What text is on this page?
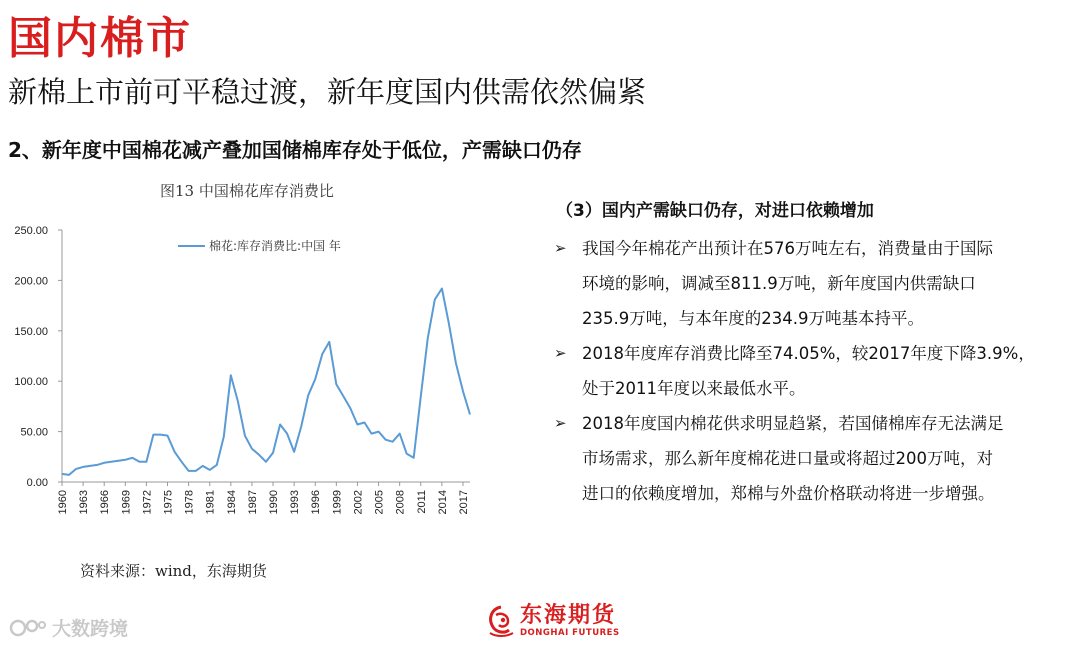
国内棉市
新棉上市前可平稳过渡，新年度国内供需依然偏紧
2、新年度中国棉花减产叠加国储棉库存处于低位，产需缺口仍存
图13 中国棉花库存消费比
0.00
50.00
100.00
150.00
200.00
250.00
1960 1963 1966 1969 1972 1975 1978 1981 1984 1987 1990 1993 1996 1999 2002 2005 2008 2011 2014 2017
棉花:库存消费比:中国 年
资料来源：wind，东海期货
（3）国内产需缺口仍存，对进口依赖增加
➢ 我国今年棉花产出预计在576万吨左右，消费量由于国际
环境的影响，调减至811.9万吨，新年度国内供需缺口
235.9万吨，与本年度的234.9万吨基本持平。
➢ 2018年度库存消费比降至74.05%，较2017年度下降3.9%，
处于2011年度以来最低水平。
➢ 2018年度国内棉花供求明显趋紧，若国储棉库存无法满足
市场需求，那么新年度棉花进口量或将超过200万吨，对
进口的依赖度增加，郑棉与外盘价格联动将进一步增强。
东海期货
DONGHAI FUTURES
大数跨境
